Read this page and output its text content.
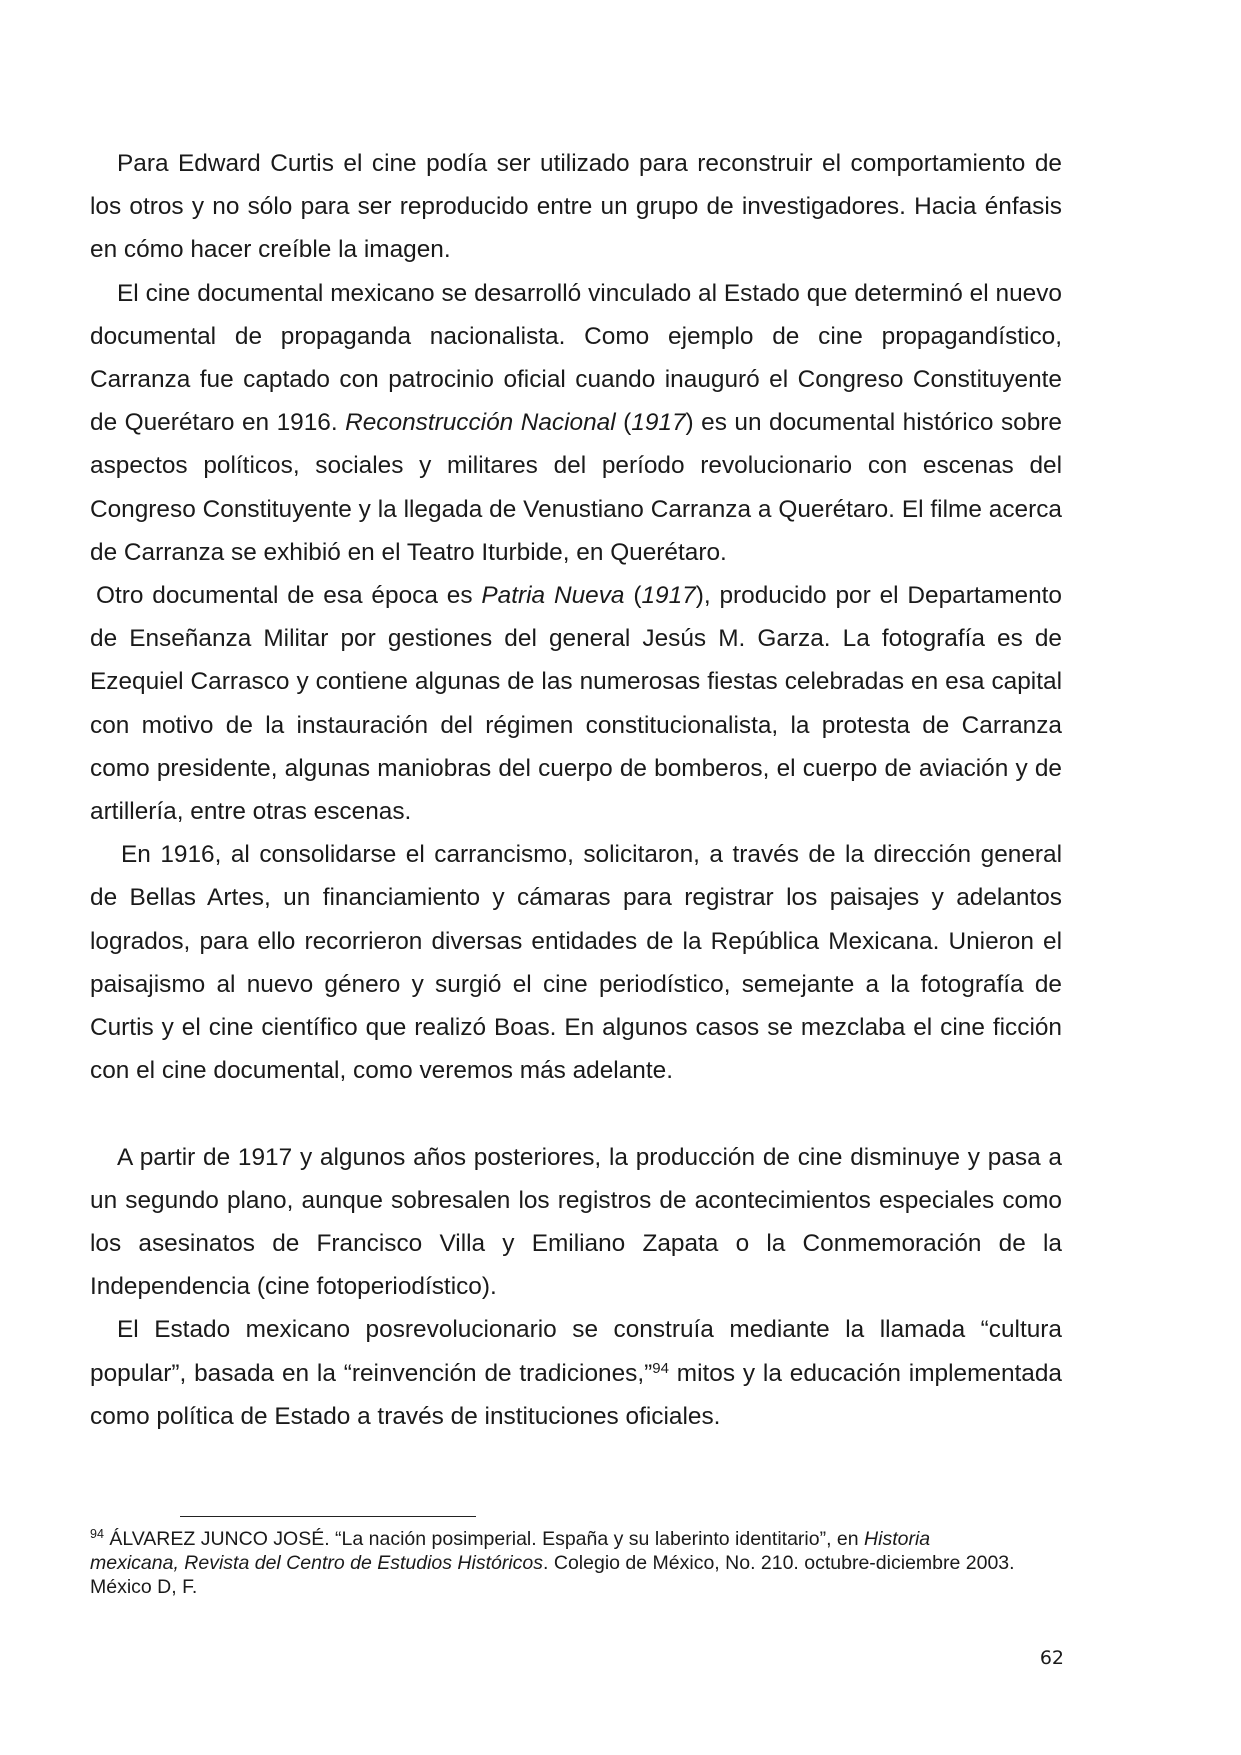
Para Edward Curtis el cine podía ser utilizado para reconstruir el comportamiento de los otros y no sólo para ser reproducido entre un grupo de investigadores. Hacia énfasis en cómo hacer creíble la imagen.

El cine documental mexicano se desarrolló vinculado al Estado que determinó el nuevo documental de propaganda nacionalista. Como ejemplo de cine propagandístico, Carranza fue captado con patrocinio oficial cuando inauguró el Congreso Constituyente de Querétaro en 1916. Reconstrucción Nacional (1917) es un documental histórico sobre aspectos políticos, sociales y militares del período revolucionario con escenas del Congreso Constituyente y la llegada de Venustiano Carranza a Querétaro. El filme acerca de Carranza se exhibió en el Teatro Iturbide, en Querétaro.

Otro documental de esa época es Patria Nueva (1917), producido por el Departamento de Enseñanza Militar por gestiones del general Jesús M. Garza. La fotografía es de Ezequiel Carrasco y contiene algunas de las numerosas fiestas celebradas en esa capital con motivo de la instauración del régimen constitucionalista, la protesta de Carranza como presidente, algunas maniobras del cuerpo de bomberos, el cuerpo de aviación y de artillería, entre otras escenas.

En 1916, al consolidarse el carrancismo, solicitaron, a través de la dirección general de Bellas Artes, un financiamiento y cámaras para registrar los paisajes y adelantos logrados, para ello recorrieron diversas entidades de la República Mexicana. Unieron el paisajismo al nuevo género y surgió el cine periodístico, semejante a la fotografía de Curtis y el cine científico que realizó Boas. En algunos casos se mezclaba el cine ficción con el cine documental, como veremos más adelante.

A partir de 1917 y algunos años posteriores, la producción de cine disminuye y pasa a un segundo plano, aunque sobresalen los registros de acontecimientos especiales como los asesinatos de Francisco Villa y Emiliano Zapata o la Conmemoración de la Independencia (cine fotoperiodístico).

El Estado mexicano posrevolucionario se construía mediante la llamada “cultura popular”, basada en la “reinvención de tradiciones,”$^{94}$ mitos y la educación implementada como política de Estado a través de instituciones oficiales.

$^{94}$ ÁLVAREZ JUNCO JOSÉ. “La nación posimperial. España y su laberinto identitario”, en Historia mexicana, Revista del Centro de Estudios Históricos. Colegio de México, No. 210. octubre-diciembre 2003. México D, F.

62
